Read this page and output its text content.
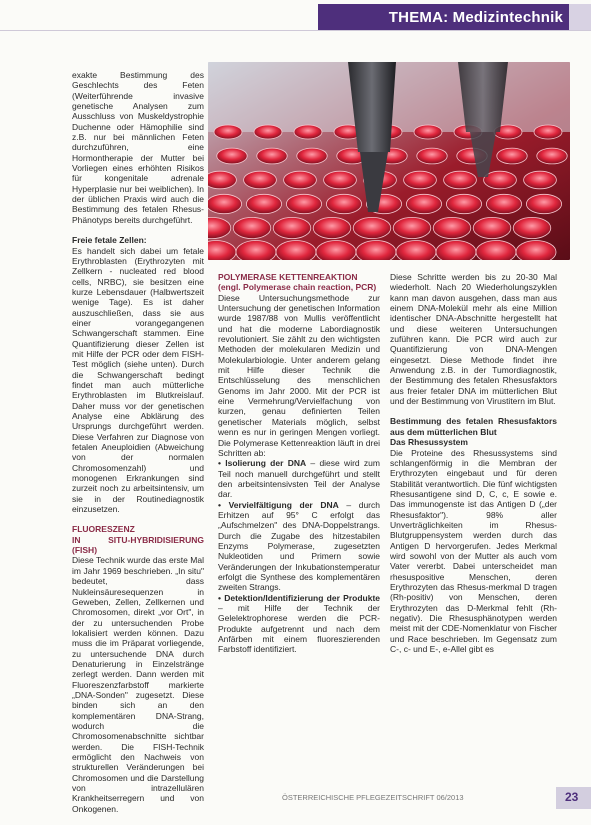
THEMA: Medizintechnik

exakte Bestimmung des Geschlechts des Feten (Weiterführende invasive genetische Analysen zum Ausschluss von Muskeldystrophie Duchenne oder Hämophilie sind z.B. nur bei männlichen Feten durchzuführen, eine Hormontherapie der Mutter bei Vorliegen eines erhöhten Risikos für kongenitale adrenale Hyperplasie nur bei weiblichen). In der üblichen Praxis wird auch die Bestimmung des fetalen Rhesus-Phänotyps bereits durchgeführt.

Freie fetale Zellen:

Es handelt sich dabei um fetale Erythroblasten (Erythrozyten mit Zellkern - nucleated red blood cells, NRBC), sie besitzen eine kurze Lebensdauer (Halbwertszeit wenige Tage). Es ist daher auszuschließen, dass sie aus einer vorangegangenen Schwangerschaft stammen. Eine Quantifizierung dieser Zellen ist mit Hilfe der PCR oder dem FISH-Test möglich (siehe unten). Durch die Schwangerschaft bedingt findet man auch mütterliche Erythroblasten im Blutkreislauf. Daher muss vor der genetischen Analyse eine Abklärung des Ursprungs durchgeführt werden. Diese Verfahren zur Diagnose von fetalen Aneuploidien (Abweichung von der normalen Chromosomenzahl) und monogenen Erkrankungen sind zurzeit noch zu arbeitsintensiv, um sie in der Routinediagnostik einzusetzen.

FLUORESZENZ

IN SITU-HYBRIDISIERUNG (FISH)

Diese Technik wurde das erste Mal im Jahr 1969 beschrieben. „In situ" bedeutet, dass Nukleinsäuresequenzen in Geweben, Zellen, Zellkernen und Chromosomen, direkt „vor Ort", in der zu untersuchenden Probe lokalisiert werden können. Dazu muss die im Präparat vorliegende, zu untersuchende DNA durch Denaturierung in Einzelstränge zerlegt werden. Dann werden mit Fluoreszenzfarbstoff markierte „DNA-Sonden" zugesetzt. Diese binden sich an den komplementären DNA-Strang, wodurch die Chromosomenabschnitte sichtbar werden. Die FISH-Technik ermöglicht den Nachweis von strukturellen Veränderungen bei Chromosomen und die Darstellung von intrazellulären Krankheitserregern und von Onkogenen.

POLYMERASE KETTENREAKTION

(engl. Polymerase chain reaction, PCR)

Diese Untersuchungsmethode zur Untersuchung der genetischen Information wurde 1987/88 von Mullis veröffentlicht und hat die moderne Labordiagnostik revolutioniert. Sie zählt zu den wichtigsten Methoden der molekularen Medizin und Molekularbiologie. Unter anderem gelang mit Hilfe dieser Technik die Entschlüsselung des menschlichen Genoms im Jahr 2000. Mit der PCR ist eine Vermehrung/Vervielfachung von kurzen, genau definierten Teilen genetischer Materials möglich, selbst wenn es nur in geringen Mengen vorliegt. Die Polymerase Kettenreaktion läuft in drei Schritten ab:

• Isolierung der DNA – diese wird zum Teil noch manuell durchgeführt und stellt den arbeitsintensivsten Teil der Analyse dar.

• Vervielfältigung der DNA – durch Erhitzen auf 95° C erfolgt das „Aufschmelzen" des DNA-Doppelstrangs. Durch die Zugabe des hitzestabilen Enzyms Polymerase, zugesetzten Nukleotiden und Primern sowie Veränderungen der Inkubationstemperatur erfolgt die Synthese des komplementären zweiten Strangs.

• Detektion/Identifizierung der Produkte – mit Hilfe der Technik der Gelelektrophorese werden die PCR-Produkte aufgetrennt und nach dem Anfärben mit einem fluoreszierenden Farbstoff identifiziert.

Diese Schritte werden bis zu 20-30 Mal wiederholt. Nach 20 Wiederholungszyklen kann man davon ausgehen, dass man aus einem DNA-Molekül mehr als eine Million identischer DNA-Abschnitte hergestellt hat und diese weiteren Untersuchungen zuführen kann. Die PCR wird auch zur Quantifizierung von DNA-Mengen eingesetzt. Diese Methode findet ihre Anwendung z.B. in der Tumordiagnostik, der Bestimmung des fetalen Rhesusfaktors aus freier fetaler DNA im mütterlichen Blut und der Bestimmung von Virustitern im Blut.

Bestimmung des fetalen Rhesusfaktors aus dem mütterlichen Blut

Das Rhesussystem

Die Proteine des Rhesussystems sind schlangenförmig in die Membran der Erythrozyten eingebaut und für deren Stabilität verantwortlich. Die fünf wichtigsten Rhesusantigene sind D, C, c, E sowie e. Das immunogenste ist das Antigen D („der Rhesusfaktor"). 98% aller Unverträglichkeiten im Rhesus-Blutgruppensystem werden durch das Antigen D hervorgerufen. Jedes Merkmal wird sowohl von der Mutter als auch vom Vater vererbt. Dabei unterscheidet man rhesuspositive Menschen, deren Erythrozyten das Rhesus-merkmal D tragen (Rh-positiv) von Menschen, deren Erythrozyten das D-Merkmal fehlt (Rh-negativ). Die Rhesusphänotypen werden meist mit der CDE-Nomenklatur von Fischer und Race beschrieben. Im Gegensatz zum C-, c- und E-, e-Allel gibt es

ÖSTERREICHISCHE PFLEGEZEITSCHRIFT 06/2013	23
